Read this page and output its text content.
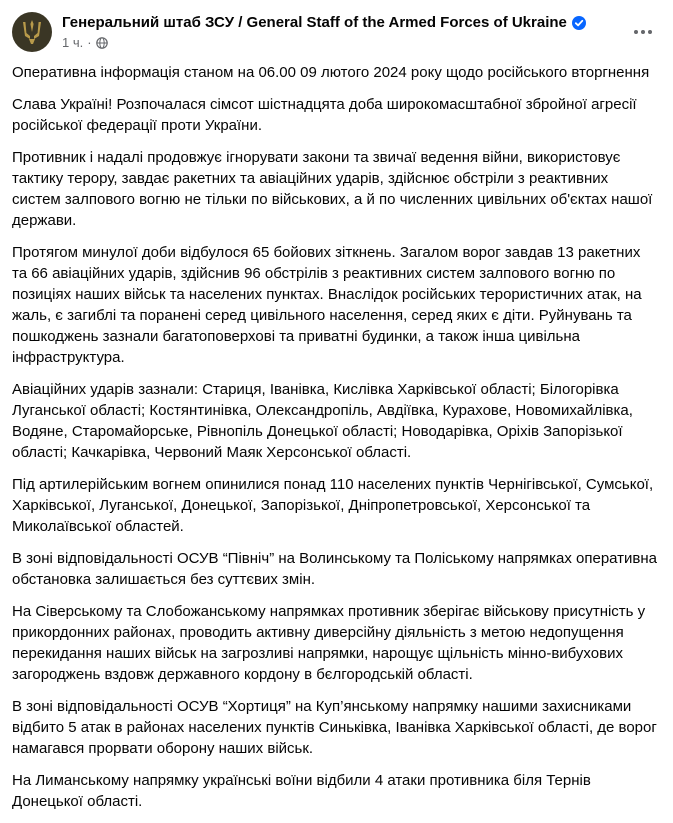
Генеральний штаб ЗСУ / General Staff of the Armed Forces of Ukraine
1 ч. ·

Оперативна інформація станом на 06.00 09 лютого 2024 року щодо російського вторгнення

Слава Україні! Розпочалася сімсот шістнадцята доба широкомасштабної збройної агресії російської федерації проти України.

Противник і надалі продовжує ігнорувати закони та звичаї ведення війни, використовує тактику терору, завдає ракетних та авіаційних ударів, здійснює обстріли з реактивних систем залпового вогню не тільки по військових, а й по численних цивільних об'єктах нашої держави.

Протягом минулої доби відбулося 65 бойових зіткнень. Загалом ворог завдав 13 ракетних та 66 авіаційних ударів, здійснив 96 обстрілів з реактивних систем залпового вогню по позиціях наших військ та населених пунктах. Внаслідок російських терористичних атак, на жаль, є загиблі та поранені серед цивільного населення, серед яких є діти. Руйнувань та пошкоджень зазнали багатоповерхові та приватні будинки, а також інша цивільна інфраструктура.

Авіаційних ударів зазнали: Стариця, Іванівка, Кислівка Харківської області; Білогорівка Луганської області; Костянтинівка, Олександропіль, Авдіївка, Курахове, Новомихайлівка, Водяне, Старомайорське, Рівнопіль Донецької області; Новодарівка, Оріхів Запорізької області; Качкарівка, Червоний Маяк Херсонської області.

Під артилерійським вогнем опинилися понад 110 населених пунктів Чернігівської, Сумської, Харківської, Луганської, Донецької, Запорізької, Дніпропетровської, Херсонської та Миколаївської областей.

В зоні відповідальності ОСУВ “Північ” на Волинському та Поліському напрямках оперативна обстановка залишається без суттєвих змін.

На Сіверському та Слобожанському напрямках противник зберігає військову присутність у прикордонних районах, проводить активну диверсійну діяльність з метою недопущення перекидання наших військ на загрозливі напрямки, нарощує щільність мінно-вибухових загороджень вздовж державного кордону в бєлгородській області.

В зоні відповідальності ОСУВ “Хортиця” на Куп’янському напрямку нашими захисниками відбито 5 атак в районах населених пунктів Синьківка, Іванівка Харківської області, де ворог намагався прорвати оборону наших військ.

На Лиманському напрямку українські воїни відбили 4 атаки противника біля Тернів Донецької області.
